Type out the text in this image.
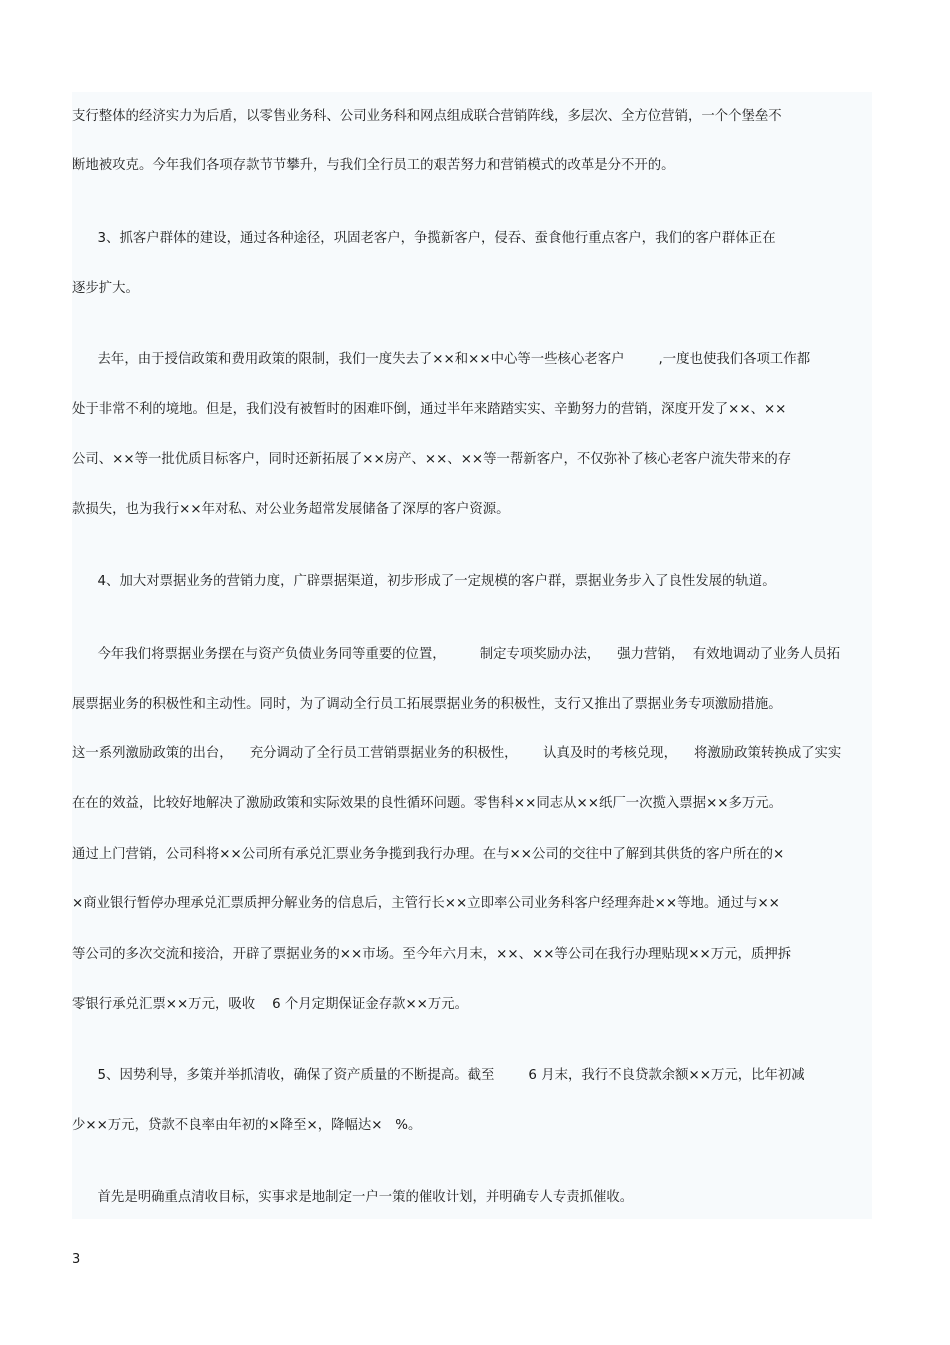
支行整体的经济实力为后盾，以零售业务科、公司业务科和网点组成联合营销阵线，多层次、全方位营销，一个个堡垒不
断地被攻克。今年我们各项存款节节攀升，与我们全行员工的艰苦努力和营销模式的改革是分不开的。
3、抓客户群体的建设，通过各种途径，巩固老客户，争揽新客户，侵吞、蚕食他行重点客户，我们的客户群体正在
逐步扩大。
去年，由于授信政策和费用政策的限制，我们一度失去了××和××中心等一些核心老客户        ,一度也使我们各项工作都
处于非常不利的境地。但是，我们没有被暂时的困难吓倒，通过半年来踏踏实实、辛勤努力的营销，深度开发了××、××
公司、××等一批优质目标客户，同时还新拓展了××房产、××、××等一帮新客户，不仅弥补了核心老客户流失带来的存
款损失，也为我行××年对私、对公业务超常发展储备了深厚的客户资源。
4、加大对票据业务的营销力度，广辟票据渠道，初步形成了一定规模的客户群，票据业务步入了良性发展的轨道。
今年我们将票据业务摆在与资产负债业务同等重要的位置，        制定专项奖励办法，    强力营销，  有效地调动了业务人员拓
展票据业务的积极性和主动性。同时，为了调动全行员工拓展票据业务的积极性，支行又推出了票据业务专项激励措施。
这一系列激励政策的出台，    充分调动了全行员工营销票据业务的积极性，      认真及时的考核兑现，    将激励政策转换成了实实
在在的效益，比较好地解决了激励政策和实际效果的良性循环问题。零售科××同志从××纸厂一次揽入票据××多万元。
通过上门营销，公司科将××公司所有承兑汇票业务争揽到我行办理。在与××公司的交往中了解到其供货的客户所在的×
×商业银行暂停办理承兑汇票质押分解业务的信息后，主管行长××立即率公司业务科客户经理奔赴××等地。通过与××
等公司的多次交流和接洽，开辟了票据业务的××市场。至今年六月末，××、××等公司在我行办理贴现××万元，质押拆
零银行承兑汇票××万元，吸收    6 个月定期保证金存款××万元。
5、因势利导，多策并举抓清收，确保了资产质量的不断提高。截至        6 月末，我行不良贷款余额××万元，比年初减
少××万元，贷款不良率由年初的×降至×，降幅达×   %。
首先是明确重点清收目标，实事求是地制定一户一策的催收计划，并明确专人专责抓催收。
3
